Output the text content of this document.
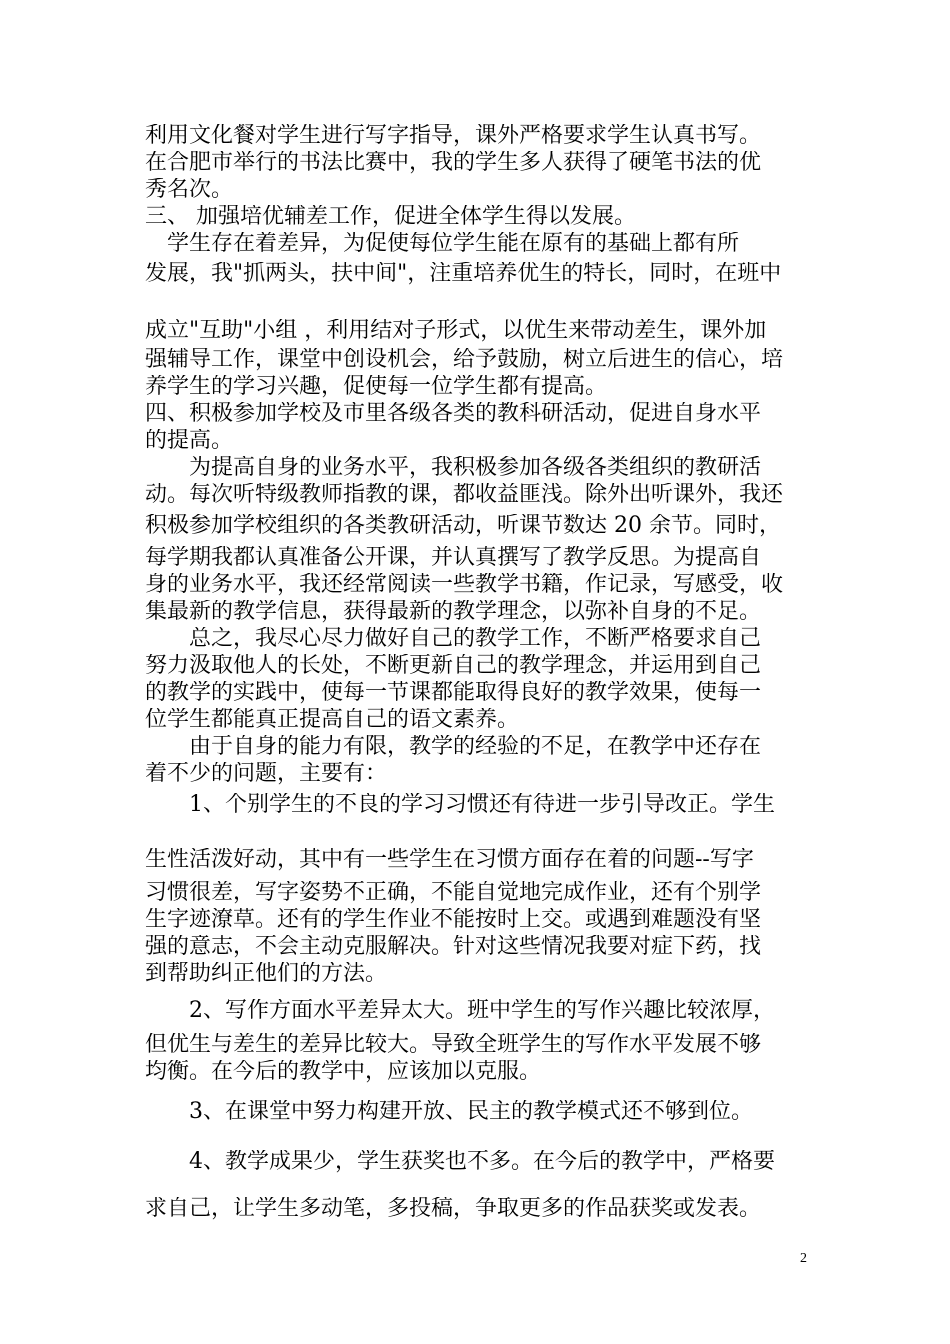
利用文化餐对学生进行写字指导，课外严格要求学生认真书写。
在合肥市举行的书法比赛中，我的学生多人获得了硬笔书法的优
秀名次。
三、 加强培优辅差工作，促进全体学生得以发展。
　学生存在着差异，为促使每位学生能在原有的基础上都有所
发展，我"抓两头，扶中间"，注重培养优生的特长，同时，在班中
成立"互助"小组 ，利用结对子形式，以优生来带动差生，课外加
强辅导工作，课堂中创设机会，给予鼓励，树立后进生的信心，培
养学生的学习兴趣，促使每一位学生都有提高。
四、积极参加学校及市里各级各类的教科研活动，促进自身水平
的提高。
　　为提高自身的业务水平，我积极参加各级各类组织的教研活
动。每次听特级教师指教的课，都收益匪浅。除外出听课外，我还
积极参加学校组织的各类教研活动，听课节数达 20 余节。同时，
每学期我都认真准备公开课，并认真撰写了教学反思。为提高自
身的业务水平，我还经常阅读一些教学书籍，作记录，写感受，收
集最新的教学信息，获得最新的教学理念，以弥补自身的不足。
　　总之，我尽心尽力做好自己的教学工作，不断严格要求自己
努力汲取他人的长处，不断更新自己的教学理念，并运用到自己
的教学的实践中，使每一节课都能取得良好的教学效果，使每一
位学生都能真正提高自己的语文素养。
　　由于自身的能力有限，教学的经验的不足，在教学中还存在
着不少的问题，主要有：
　　1、个别学生的不良的学习习惯还有待进一步引导改正。学生
生性活泼好动，其中有一些学生在习惯方面存在着的问题--写字
习惯很差，写字姿势不正确，不能自觉地完成作业，还有个别学
生字迹潦草。还有的学生作业不能按时上交。或遇到难题没有坚
强的意志，不会主动克服解决。针对这些情况我要对症下药，找
到帮助纠正他们的方法。
　　2、写作方面水平差异太大。班中学生的写作兴趣比较浓厚，
但优生与差生的差异比较大。导致全班学生的写作水平发展不够
均衡。在今后的教学中，应该加以克服。
　　3、在课堂中努力构建开放、民主的教学模式还不够到位。
　　4、教学成果少，学生获奖也不多。在今后的教学中，严格要
求自己，让学生多动笔，多投稿，争取更多的作品获奖或发表。
2
